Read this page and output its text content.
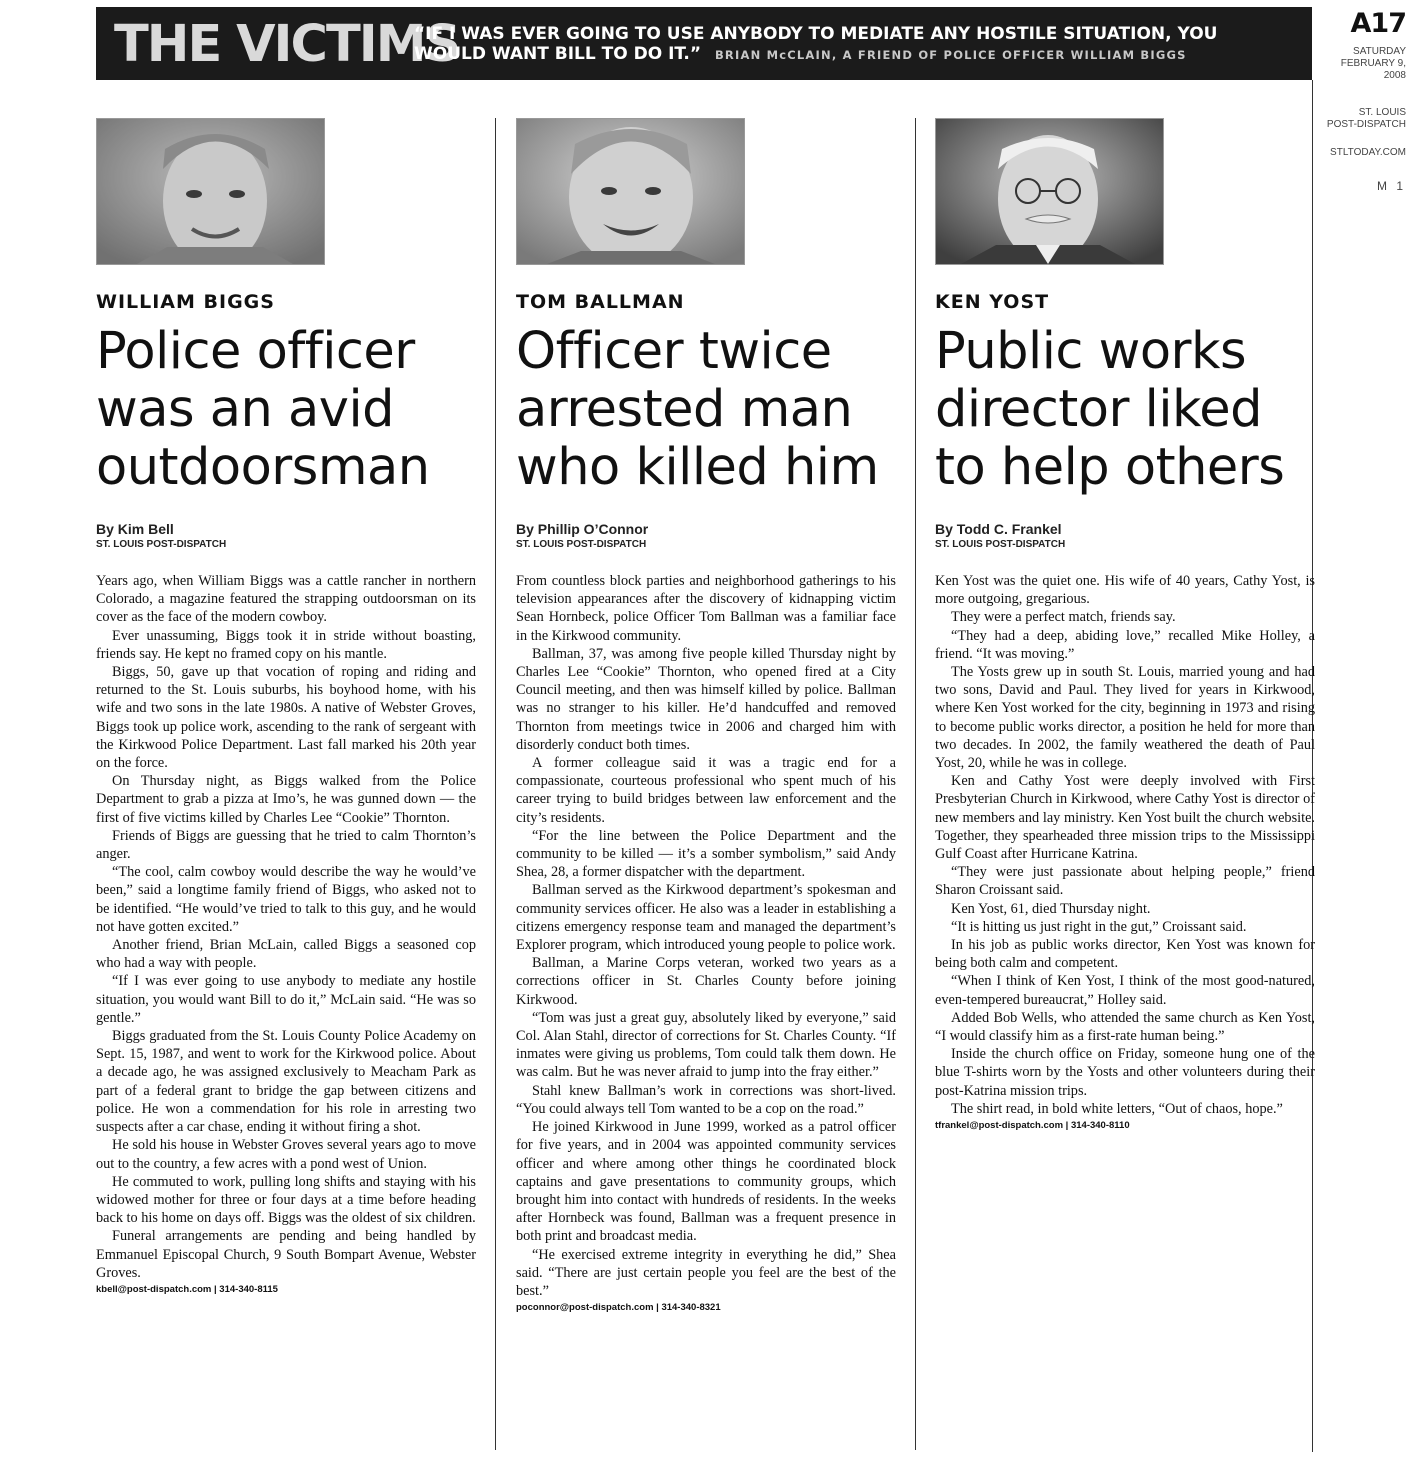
THE VICTIMS
“IF I WAS EVER GOING TO USE ANYBODY TO MEDIATE ANY HOSTILE SITUATION, YOU WOULD WANT BILL TO DO IT.” BRIAN McCLAIN, A FRIEND OF POLICE OFFICER WILLIAM BIGGS
A17
SATURDAY
FEBRUARY 9,
2008
ST. LOUIS
POST-DISPATCH
STLTODAY.COM
M 1
WILLIAM BIGGS
Police officer was an avid outdoorsman
By Kim Bell
ST. LOUIS POST-DISPATCH

Years ago, when William Biggs was a cattle rancher in northern Colorado, a magazine featured the strapping outdoorsman on its cover as the face of the modern cowboy.

Ever unassuming, Biggs took it in stride without boasting, friends say. He kept no framed copy on his mantle.

Biggs, 50, gave up that vocation of roping and riding and returned to the St. Louis suburbs, his boyhood home, with his wife and two sons in the late 1980s. A native of Webster Groves, Biggs took up police work, ascending to the rank of sergeant with the Kirkwood Police Department. Last fall marked his 20th year on the force.

On Thursday night, as Biggs walked from the Police Department to grab a pizza at Imo’s, he was gunned down — the first of five victims killed by Charles Lee “Cookie” Thornton.

Friends of Biggs are guessing that he tried to calm Thornton’s anger.

“The cool, calm cowboy would describe the way he would’ve been,” said a longtime family friend of Biggs, who asked not to be identified. “He would’ve tried to talk to this guy, and he would not have gotten excited.”

Another friend, Brian McLain, called Biggs a seasoned cop who had a way with people.

“If I was ever going to use anybody to mediate any hostile situation, you would want Bill to do it,” McLain said. “He was so gentle.”

Biggs graduated from the St. Louis County Police Academy on Sept. 15, 1987, and went to work for the Kirkwood police. About a decade ago, he was assigned exclusively to Meacham Park as part of a federal grant to bridge the gap between citizens and police. He won a commendation for his role in arresting two suspects after a car chase, ending it without firing a shot.

He sold his house in Webster Groves several years ago to move out to the country, a few acres with a pond west of Union.

He commuted to work, pulling long shifts and staying with his widowed mother for three or four days at a time before heading back to his home on days off. Biggs was the oldest of six children.

Funeral arrangements are pending and being handled by Emmanuel Episcopal Church, 9 South Bompart Avenue, Webster Groves.

kbell@post-dispatch.com | 314-340-8115
TOM BALLMAN
Officer twice arrested man who killed him
By Phillip O’Connor
ST. LOUIS POST-DISPATCH

From countless block parties and neighborhood gatherings to his television appearances after the discovery of kidnapping victim Sean Hornbeck, police Officer Tom Ballman was a familiar face in the Kirkwood community.

Ballman, 37, was among five people killed Thursday night by Charles Lee “Cookie” Thornton, who opened fired at a City Council meeting, and then was himself killed by police. Ballman was no stranger to his killer. He’d handcuffed and removed Thornton from meetings twice in 2006 and charged him with disorderly conduct both times.

A former colleague said it was a tragic end for a compassionate, courteous professional who spent much of his career trying to build bridges between law enforcement and the city’s residents.

“For the line between the Police Department and the community to be killed — it’s a somber symbolism,” said Andy Shea, 28, a former dispatcher with the department.

Ballman served as the Kirkwood department’s spokesman and community services officer. He also was a leader in establishing a citizens emergency response team and managed the department’s Explorer program, which introduced young people to police work.

Ballman, a Marine Corps veteran, worked two years as a corrections officer in St. Charles County before joining Kirkwood.

“Tom was just a great guy, absolutely liked by everyone,” said Col. Alan Stahl, director of corrections for St. Charles County. “If inmates were giving us problems, Tom could talk them down. He was calm. But he was never afraid to jump into the fray either.”

Stahl knew Ballman’s work in corrections was short-lived. “You could always tell Tom wanted to be a cop on the road.”

He joined Kirkwood in June 1999, worked as a patrol officer for five years, and in 2004 was appointed community services officer and where among other things he coordinated block captains and gave presentations to community groups, which brought him into contact with hundreds of residents. In the weeks after Hornbeck was found, Ballman was a frequent presence in both print and broadcast media.

“He exercised extreme integrity in everything he did,” Shea said. “There are just certain people you feel are the best of the best.”

poconnor@post-dispatch.com | 314-340-8321
KEN YOST
Public works director liked to help others
By Todd C. Frankel
ST. LOUIS POST-DISPATCH

Ken Yost was the quiet one. His wife of 40 years, Cathy Yost, is more outgoing, gregarious.

They were a perfect match, friends say.

“They had a deep, abiding love,” recalled Mike Holley, a friend. “It was moving.”

The Yosts grew up in south St. Louis, married young and had two sons, David and Paul. They lived for years in Kirkwood, where Ken Yost worked for the city, beginning in 1973 and rising to become public works director, a position he held for more than two decades. In 2002, the family weathered the death of Paul Yost, 20, while he was in college.

Ken and Cathy Yost were deeply involved with First Presbyterian Church in Kirkwood, where Cathy Yost is director of new members and lay ministry. Ken Yost built the church website. Together, they spearheaded three mission trips to the Mississippi Gulf Coast after Hurricane Katrina.

“They were just passionate about helping people,” friend Sharon Croissant said.

Ken Yost, 61, died Thursday night.

“It is hitting us just right in the gut,” Croissant said.

In his job as public works director, Ken Yost was known for being both calm and competent.

“When I think of Ken Yost, I think of the most good-natured, even-tempered bureaucrat,” Holley said.

Added Bob Wells, who attended the same church as Ken Yost, “I would classify him as a first-rate human being.”

Inside the church office on Friday, someone hung one of the blue T-shirts worn by the Yosts and other volunteers during their post-Katrina mission trips.

The shirt read, in bold white letters, “Out of chaos, hope.”

tfrankel@post-dispatch.com | 314-340-8110
